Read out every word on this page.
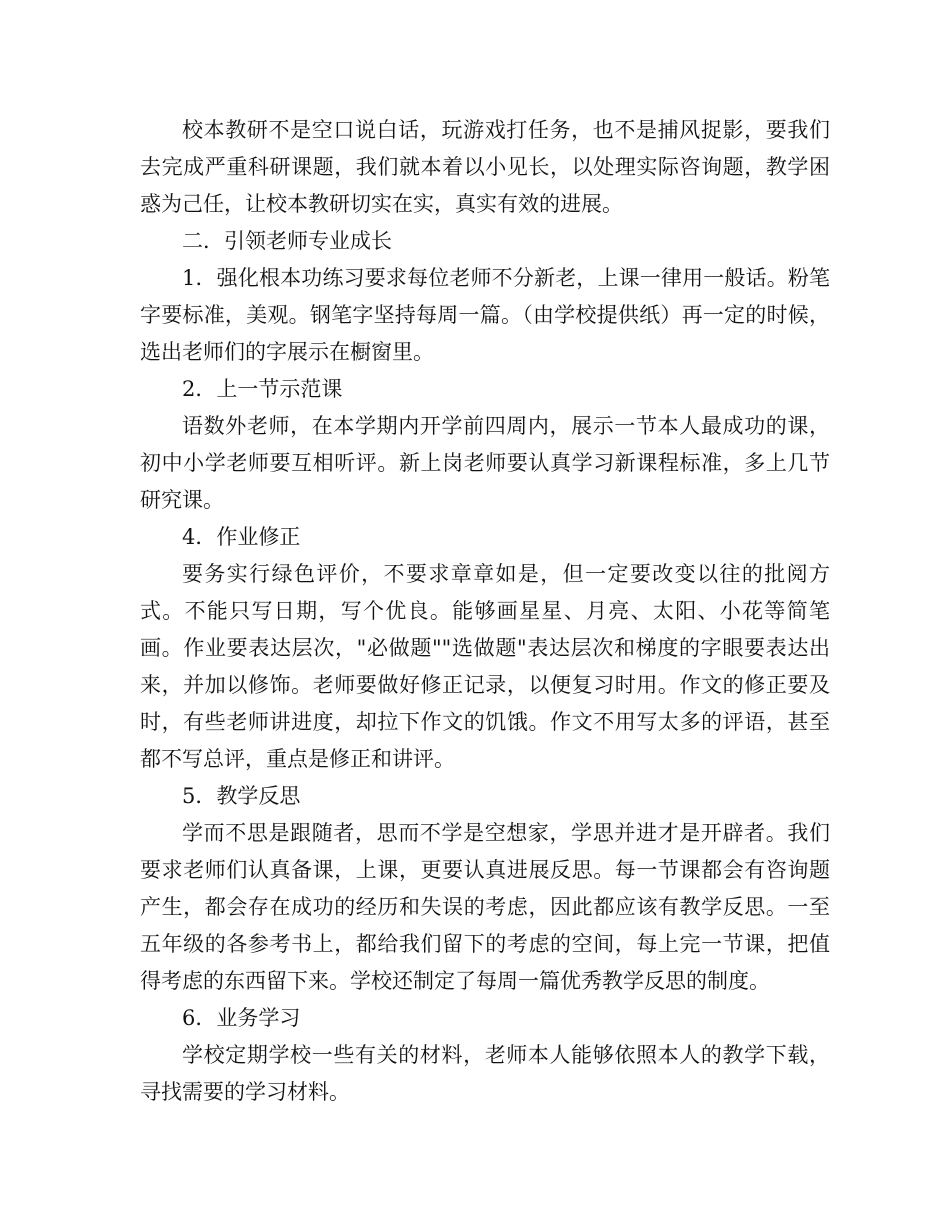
校本教研不是空口说白话，玩游戏打任务，也不是捕风捉影，要我们去完成严重科研课题，我们就本着以小见长，以处理实际咨询题，教学困惑为己任，让校本教研切实在实，真实有效的进展。

二．引领老师专业成长

1．强化根本功练习要求每位老师不分新老，上课一律用一般话。粉笔字要标准，美观。钢笔字坚持每周一篇。（由学校提供纸）再一定的时候，选出老师们的字展示在橱窗里。

2．上一节示范课

语数外老师，在本学期内开学前四周内，展示一节本人最成功的课，初中小学老师要互相听评。新上岗老师要认真学习新课程标准，多上几节研究课。

4．作业修正

要务实行绿色评价，不要求章章如是，但一定要改变以往的批阅方式。不能只写日期，写个优良。能够画星星、月亮、太阳、小花等简笔画。作业要表达层次，"必做题""选做题"表达层次和梯度的字眼要表达出来，并加以修饰。老师要做好修正记录，以便复习时用。作文的修正要及时，有些老师讲进度，却拉下作文的饥饿。作文不用写太多的评语，甚至都不写总评，重点是修正和讲评。

5．教学反思

学而不思是跟随者，思而不学是空想家，学思并进才是开辟者。我们要求老师们认真备课，上课，更要认真进展反思。每一节课都会有咨询题产生，都会存在成功的经历和失误的考虑，因此都应该有教学反思。一至五年级的各参考书上，都给我们留下的考虑的空间，每上完一节课，把值得考虑的东西留下来。学校还制定了每周一篇优秀教学反思的制度。

6．业务学习

学校定期学校一些有关的材料，老师本人能够依照本人的教学下载，寻找需要的学习材料。
